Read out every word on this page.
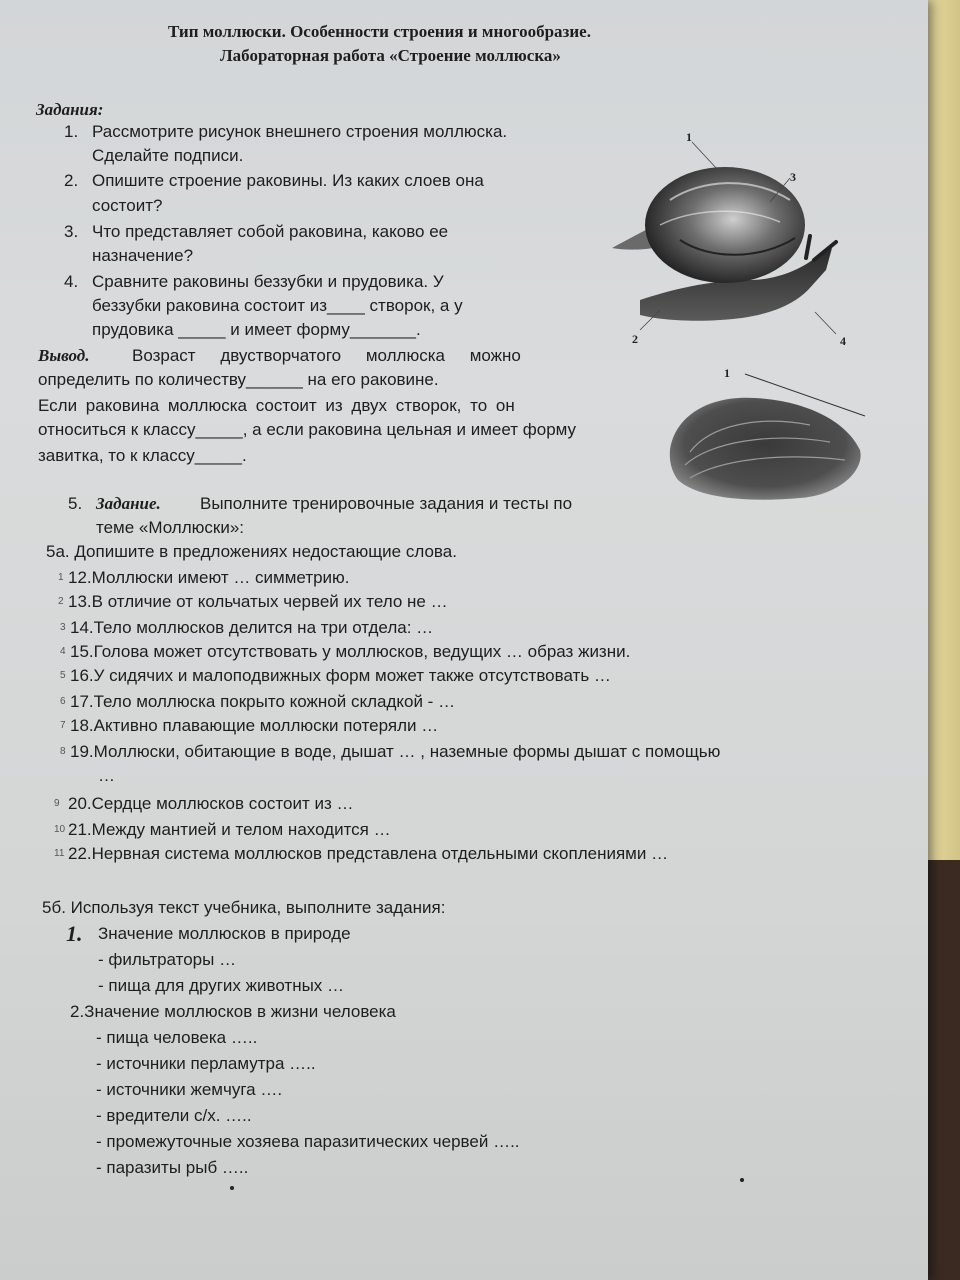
Тип моллюски. Особенности строения и многообразие.
Лабораторная работа «Строение моллюска»
Задания:
1. Рассмотрите рисунок внешнего строения моллюска.
Сделайте подписи.
2. Опишите строение раковины. Из каких слоев она
состоит?
3. Что представляет собой раковина, каково ее
назначение?
4. Сравните раковины беззубки и прудовика. У
беззубки раковина состоит из____ створок, а у
прудовика _____ и имеет форму_______.
Вывод.	Возраст двустворчатого моллюска можно
определить по количеству______ на его раковине.
Если раковина моллюска состоит из двух створок, то он
относиться к классу_____, а если раковина цельная и имеет форму
завитка, то к классу_____.
5. Задание. Выполните тренировочные задания и тесты по
теме «Моллюски»:
5а. Допишите в предложениях недостающие слова.
1 12.Моллюски имеют … симметрию.
2 13.В отличие от кольчатых червей их тело не …
3 14.Тело моллюсков делится на три отдела: …
4 15.Голова может отсутствовать у моллюсков, ведущих … образ жизни.
5 16.У сидячих и малоподвижных форм может также отсутствовать …
6 17.Тело моллюска покрыто кожной складкой - …
7 18.Активно плавающие моллюски потеряли …
8 19.Моллюски, обитающие в воде, дышат … , наземные формы дышат с помощью
…
9 20.Сердце моллюсков состоит из …
10 21.Между мантией и телом находится …
11 22.Нервная система моллюсков представлена отдельными скоплениями …
5б. Используя текст учебника, выполните задания:
1. Значение моллюсков в природе
- фильтраторы …
- пища для других животных …
2.Значение моллюсков в жизни человека
- пища человека …..
- источники перламутра …..
- источники жемчуга ….
- вредители с/х. …..
- промежуточные хозяева паразитических червей …..
- паразиты рыб …..
1
2
3
4
1
